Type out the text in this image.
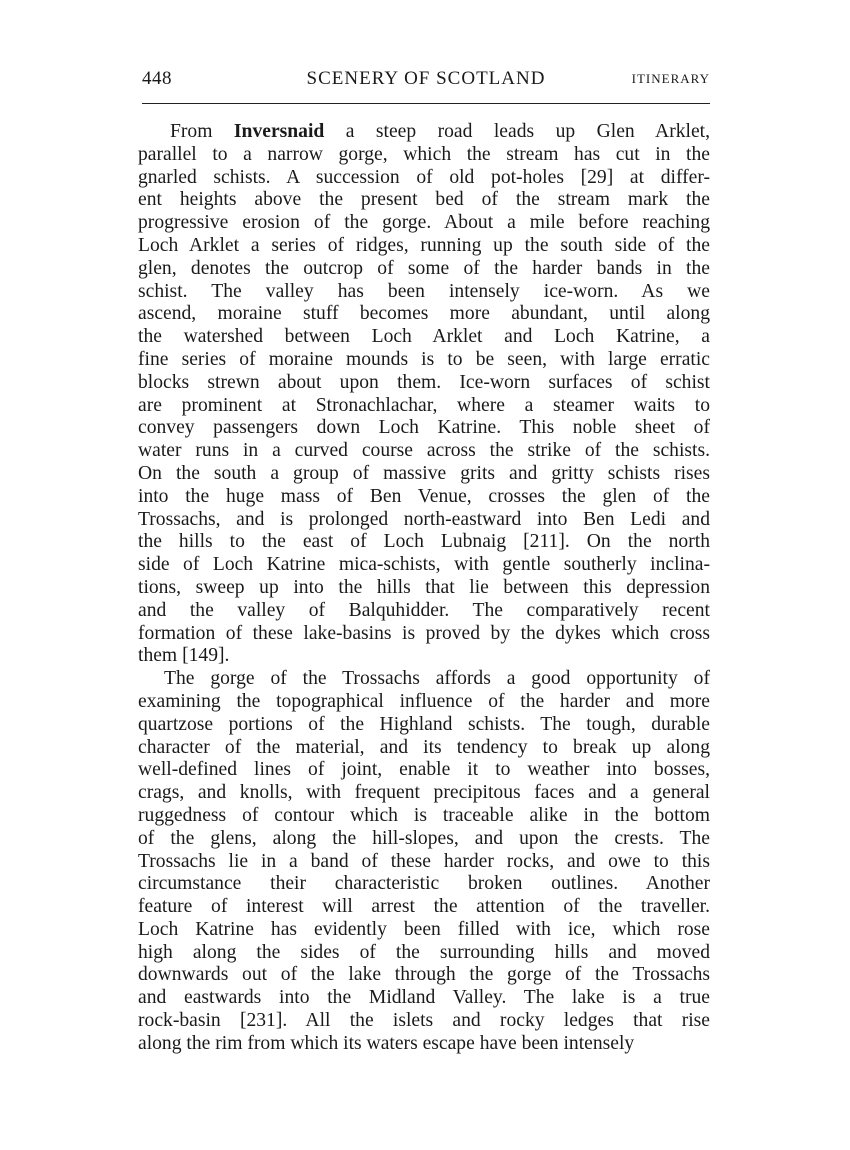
448	SCENERY OF SCOTLAND	ITINERARY
From Inversnaid a steep road leads up Glen Arklet,
parallel to a narrow gorge, which the stream has cut in the
gnarled schists. A succession of old pot-holes [29] at differ-
ent heights above the present bed of the stream mark the
progressive erosion of the gorge. About a mile before reaching
Loch Arklet a series of ridges, running up the south side of the
glen, denotes the outcrop of some of the harder bands in the
schist. The valley has been intensely ice-worn. As we
ascend, moraine stuff becomes more abundant, until along
the watershed between Loch Arklet and Loch Katrine, a
fine series of moraine mounds is to be seen, with large erratic
blocks strewn about upon them. Ice-worn surfaces of schist
are prominent at Stronachlachar, where a steamer waits to
convey passengers down Loch Katrine. This noble sheet of
water runs in a curved course across the strike of the schists.
On the south a group of massive grits and gritty schists rises
into the huge mass of Ben Venue, crosses the glen of the
Trossachs, and is prolonged north-eastward into Ben Ledi and
the hills to the east of Loch Lubnaig [211]. On the north
side of Loch Katrine mica-schists, with gentle southerly inclina-
tions, sweep up into the hills that lie between this depression
and the valley of Balquhidder. The comparatively recent
formation of these lake-basins is proved by the dykes which cross
them [149].
The gorge of the Trossachs affords a good opportunity of
examining the topographical influence of the harder and more
quartzose portions of the Highland schists. The tough, durable
character of the material, and its tendency to break up along
well-defined lines of joint, enable it to weather into bosses,
crags, and knolls, with frequent precipitous faces and a general
ruggedness of contour which is traceable alike in the bottom
of the glens, along the hill-slopes, and upon the crests. The
Trossachs lie in a band of these harder rocks, and owe to this
circumstance their characteristic broken outlines. Another
feature of interest will arrest the attention of the traveller.
Loch Katrine has evidently been filled with ice, which rose
high along the sides of the surrounding hills and moved
downwards out of the lake through the gorge of the Trossachs
and eastwards into the Midland Valley. The lake is a true
rock-basin [231]. All the islets and rocky ledges that rise
along the rim from which its waters escape have been intensely
